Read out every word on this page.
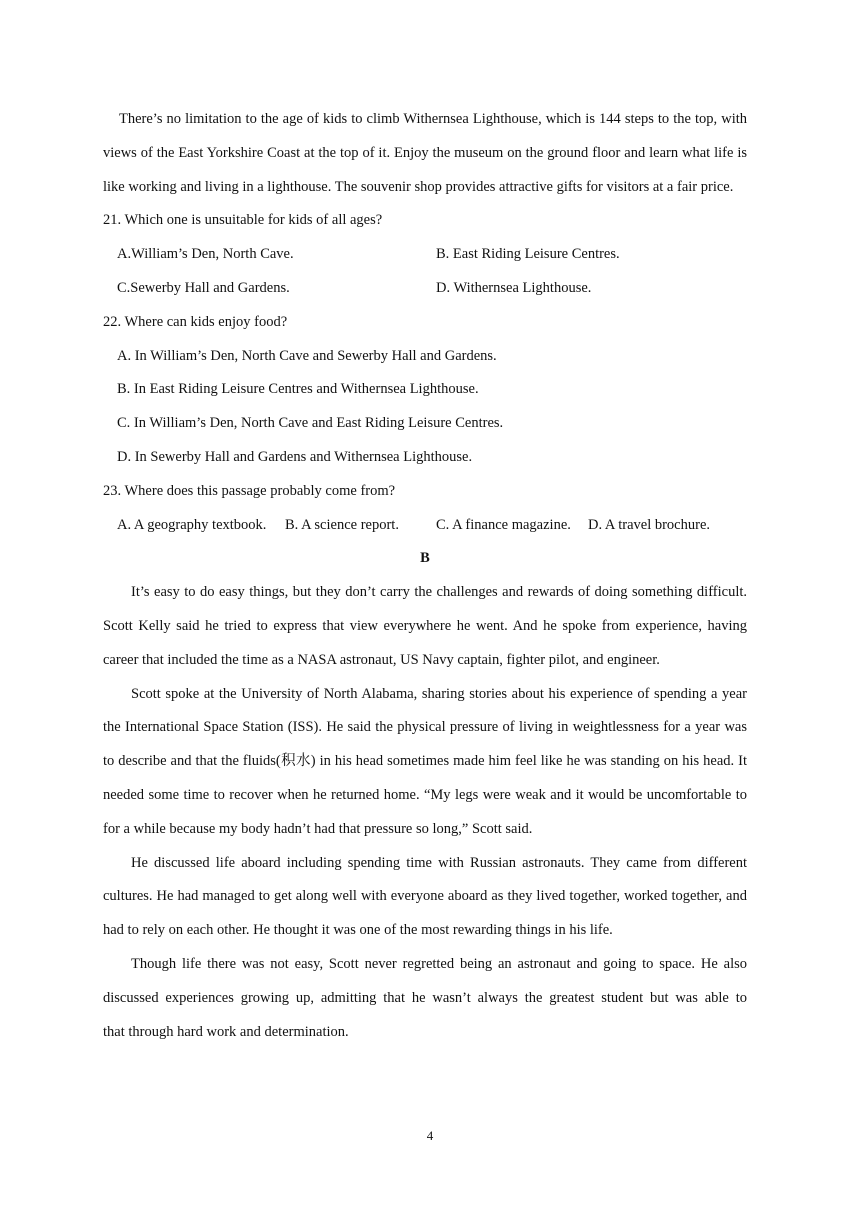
There’s no limitation to the age of kids to climb Withernsea Lighthouse, which is 144 steps to the top, with
views of the East Yorkshire Coast at the top of it. Enjoy the museum on the ground floor and learn what life is
like working and living in a lighthouse. The souvenir shop provides attractive gifts for visitors at a fair price.
21. Which one is unsuitable for kids of all ages?
A.William’s Den, North Cave.	B. East Riding Leisure Centres.
C.Sewerby Hall and Gardens.	D. Withernsea Lighthouse.
22. Where can kids enjoy food?
A. In William’s Den, North Cave and Sewerby Hall and Gardens.
B. In East Riding Leisure Centres and Withernsea Lighthouse.
C. In William’s Den, North Cave and East Riding Leisure Centres.
D. In Sewerby Hall and Gardens and Withernsea Lighthouse.
23. Where does this passage probably come from?
A. A geography textbook. B. A science report.	C. A finance magazine. D. A travel brochure.
B
It’s easy to do easy things, but they don’t carry the challenges and rewards of doing something difficult.
Scott Kelly said he tried to express that view everywhere he went. And he spoke from experience, having
career that included the time as a NASA astronaut, US Navy captain, fighter pilot, and engineer.
Scott spoke at the University of North Alabama, sharing stories about his experience of spending a year
the International Space Station (ISS). He said the physical pressure of living in weightlessness for a year was
to describe and that the fluids(积水) in his head sometimes made him feel like he was standing on his head. It
needed some time to recover when he returned home. “My legs were weak and it would be uncomfortable to
for a while because my body hadn’t had that pressure so long,” Scott said.
He discussed life aboard including spending time with Russian astronauts. They came from different
cultures. He had managed to get along well with everyone aboard as they lived together, worked together, and
had to rely on each other. He thought it was one of the most rewarding things in his life.
Though life there was not easy, Scott never regretted being an astronaut and going to space. He also
discussed experiences growing up, admitting that he wasn’t always the greatest student but was able to
that through hard work and determination.
4
